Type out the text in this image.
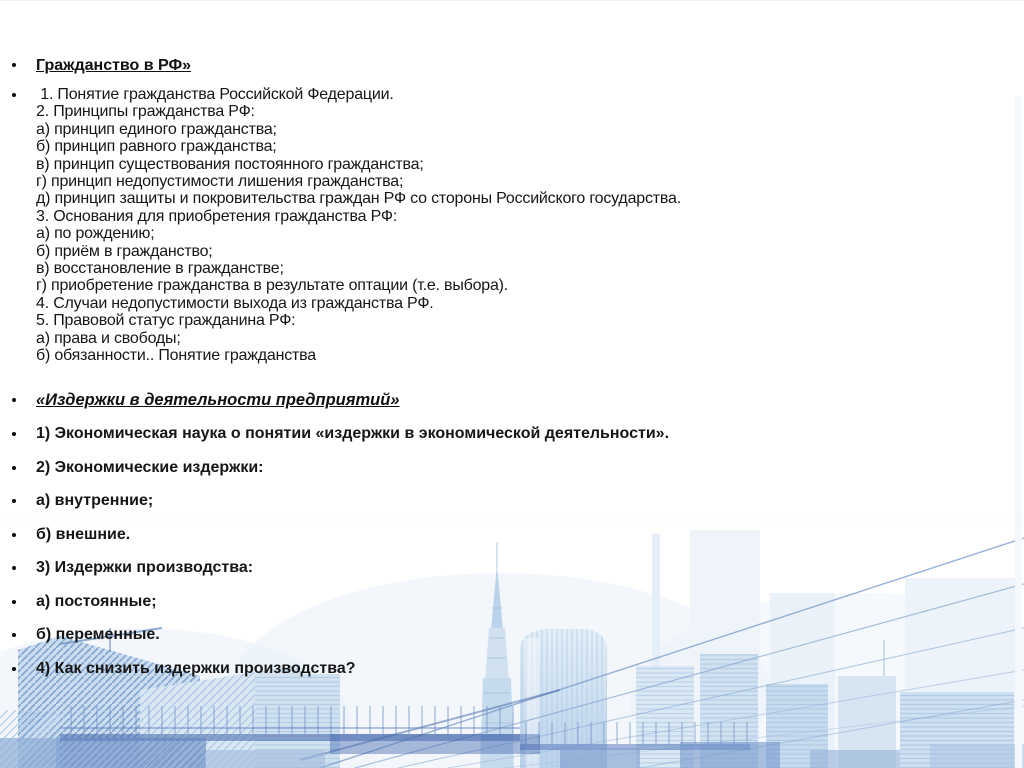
Гражданство в РФ»
1. Понятие гражданства Российской Федерации.
2. Принципы гражданства РФ:
а) принцип единого гражданства;
б) принцип равного гражданства;
в) принцип существования постоянного гражданства;
г) принцип недопустимости лишения гражданства;
д) принцип защиты и покровительства граждан РФ со стороны Российского государства.
3. Основания для приобретения гражданства РФ:
а) по рождению;
б) приём в гражданство;
в) восстановление в гражданстве;
г) приобретение гражданства в результате оптации (т.е. выбора).
4. Случаи недопустимости выхода из гражданства РФ.
5. Правовой статус гражданина РФ:
а) права и свободы;
б) обязанности.. Понятие гражданства
«Издержки в деятельности предприятий»
1) Экономическая наука о понятии «издержки в экономической деятельности».
2) Экономические издержки:
а) внутренние;
б) внешние.
3) Издержки производства:
а) постоянные;
б) переменные.
4) Как снизить издержки производства?
